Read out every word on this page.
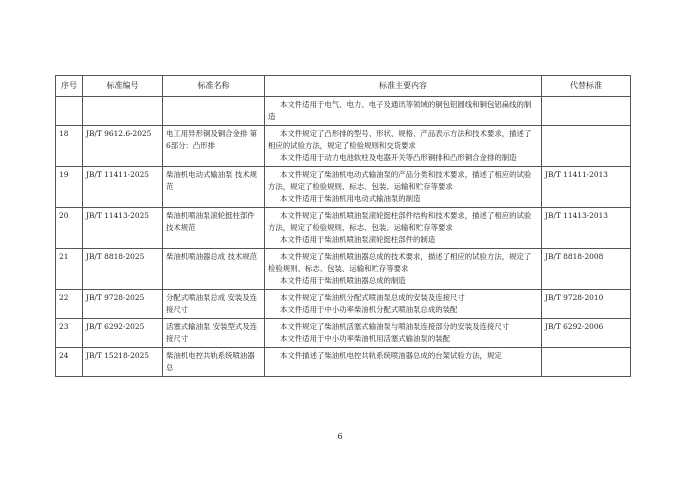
序号	标准编号	标准名称	标准主要内容	代替标准

			本文件适用于电气、电力、电子及通讯等领域的铜包铝圆线和铜包铝扁线的制造	

18	JB/T 9612.6-2025	电工用异形铜及铜合金排 第6部分：凸形排	本文件规定了凸形排的型号、形状、规格、产品表示方法和技术要求，描述了相应的试验方法，规定了检验规则和交货要求
本文件适用于动力电池软柱及电器开关等凸形铜排和凸形铜合金排的制造	

19	JB/T 11411-2025	柴油机电动式输油泵 技术规范	本文件规定了柴油机电动式输油泵的产品分类和技术要求，描述了相应的试验方法，规定了检验规则、标志、包装、运输和贮存等要求
本文件适用于柴油机用电动式输油泵的制造	JB/T 11411-2013
20	JB/T 11413-2025	柴油机喷油泵滚轮挺柱部件技术规范	本文件规定了柴油机喷油泵滚轮挺柱部件结构和技术要求，描述了相应的试验方法，规定了检验规则、标志、包装、运输和贮存等要求
本文件适用于柴油机喷油泵滚轮挺柱部件的制造	JB/T 11413-2013
21	JB/T 8818-2025	柴油机喷油器总成 技术规范	本文件规定了柴油机喷油器总成的技术要求，描述了相应的试验方法，规定了检验规则、标志、包装、运输和贮存等要求
本文件适用于柴油机喷油器总成的制造	JB/T 8818-2008
22	JB/T 9728-2025	分配式喷油泵总成 安装及连接尺寸	本文件规定了柴油机分配式喷油泵总成的安装及连接尺寸
本文件适用于中小功率柴油机分配式喷油泵总成的装配	JB/T 9728-2010
23	JB/T 6292-2025	活塞式输油泵 安装型式及连接尺寸	本文件规定了柴油机活塞式输油泵与喷油泵连接部分的安装及连接尺寸
本文件适用于中小功率柴油机用活塞式输油泵的装配	JB/T 6292-2006
24	JB/T 15218-2025	柴油机电控共轨系统喷油器总	本文件描述了柴油机电控共轨系统喷油器总成的台架试验方法，规定	

6
